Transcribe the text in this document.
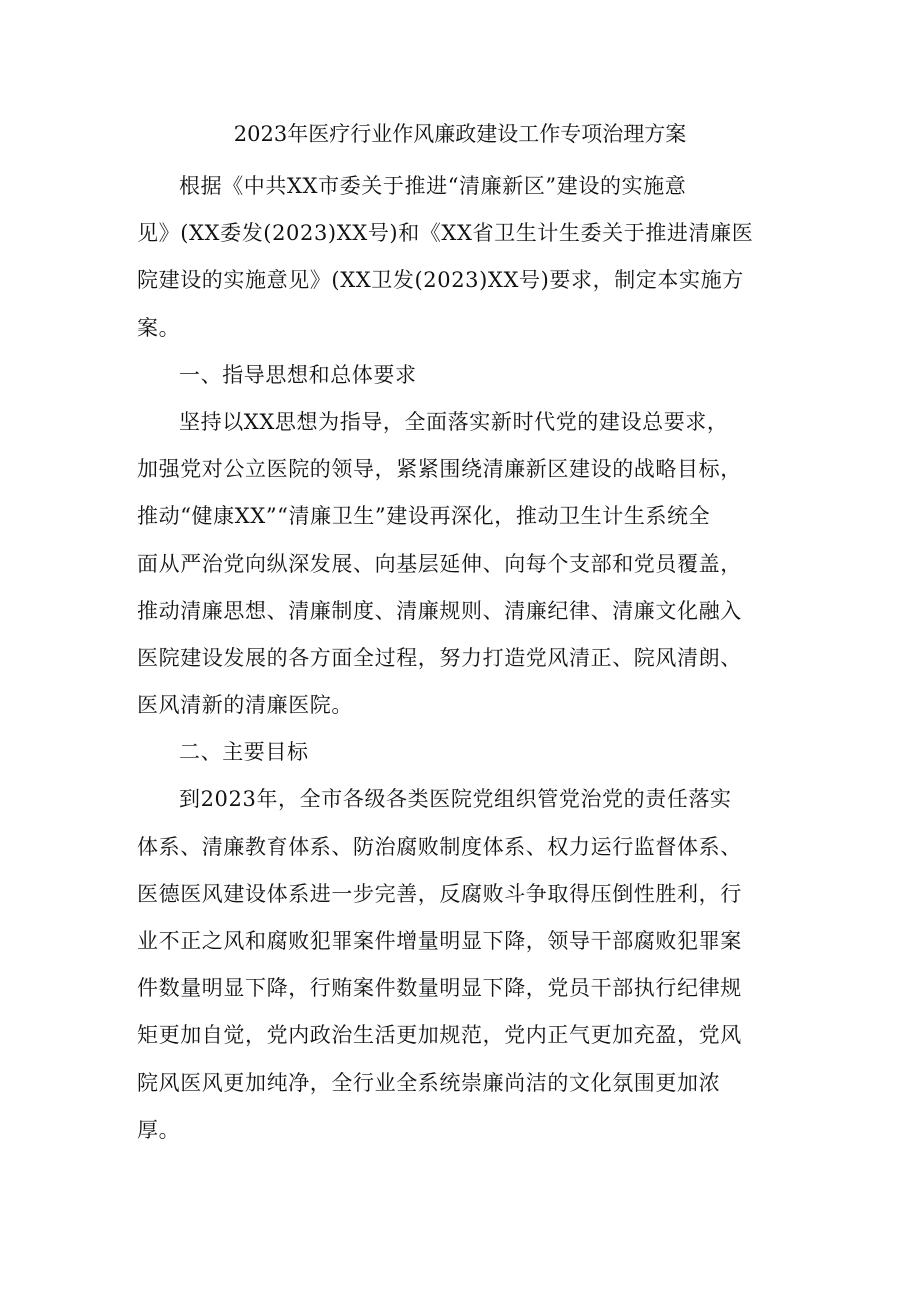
2023年医疗行业作风廉政建设工作专项治理方案
根据《中共XX市委关于推进“清廉新区”建设的实施意
见》(XX委发(2023)XX号)和《XX省卫生计生委关于推进清廉医
院建设的实施意见》(XX卫发(2023)XX号)要求，制定本实施方
案。
一、指导思想和总体要求
坚持以XX思想为指导，全面落实新时代党的建设总要求，
加强党对公立医院的领导，紧紧围绕清廉新区建设的战略目标，
推动“健康XX”“清廉卫生”建设再深化，推动卫生计生系统全
面从严治党向纵深发展、向基层延伸、向每个支部和党员覆盖，
推动清廉思想、清廉制度、清廉规则、清廉纪律、清廉文化融入
医院建设发展的各方面全过程，努力打造党风清正、院风清朗、
医风清新的清廉医院。
二、主要目标
到2023年，全市各级各类医院党组织管党治党的责任落实
体系、清廉教育体系、防治腐败制度体系、权力运行监督体系、
医德医风建设体系进一步完善，反腐败斗争取得压倒性胜利，行
业不正之风和腐败犯罪案件增量明显下降，领导干部腐败犯罪案
件数量明显下降，行贿案件数量明显下降，党员干部执行纪律规
矩更加自觉，党内政治生活更加规范，党内正气更加充盈，党风
院风医风更加纯净，全行业全系统崇廉尚洁的文化氛围更加浓
厚。
